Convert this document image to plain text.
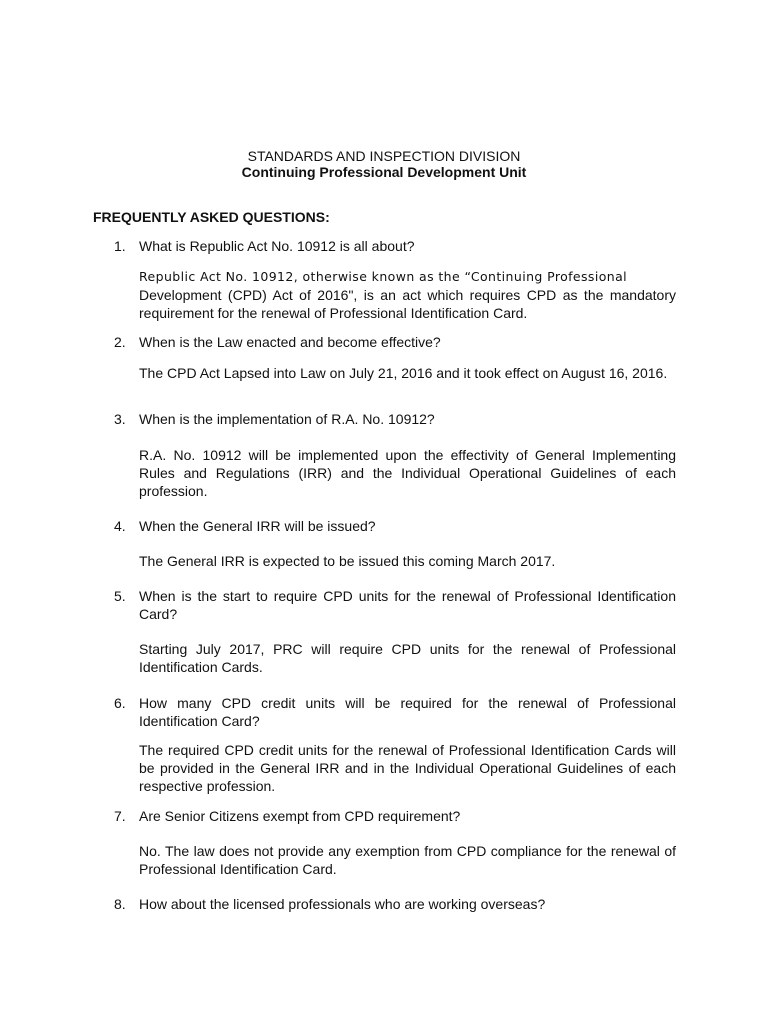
STANDARDS AND INSPECTION DIVISION
Continuing Professional Development Unit
FREQUENTLY ASKED QUESTIONS:
1. What is Republic Act No. 10912 is all about?
Republic Act No. 10912, otherwise known as the “Continuing Professional
Development (CPD) Act of 2016", is an act which requires CPD as the mandatory requirement for the renewal of Professional Identification Card.
2. When is the Law enacted and become effective?
The CPD Act Lapsed into Law on July 21, 2016 and it took effect on August 16, 2016.
3. When is the implementation of R.A. No. 10912?
R.A. No. 10912 will be implemented upon the effectivity of General Implementing Rules and Regulations (IRR) and the Individual Operational Guidelines of each profession.
4. When the General IRR will be issued?
The General IRR is expected to be issued this coming March 2017.
5. When is the start to require CPD units for the renewal of Professional Identification Card?
Starting July 2017, PRC will require CPD units for the renewal of Professional Identification Cards.
6. How many CPD credit units will be required for the renewal of Professional Identification Card?
The required CPD credit units for the renewal of Professional Identification Cards will be provided in the General IRR and in the Individual Operational Guidelines of each respective profession.
7. Are Senior Citizens exempt from CPD requirement?
No. The law does not provide any exemption from CPD compliance for the renewal of Professional Identification Card.
8. How about the licensed professionals who are working overseas?
